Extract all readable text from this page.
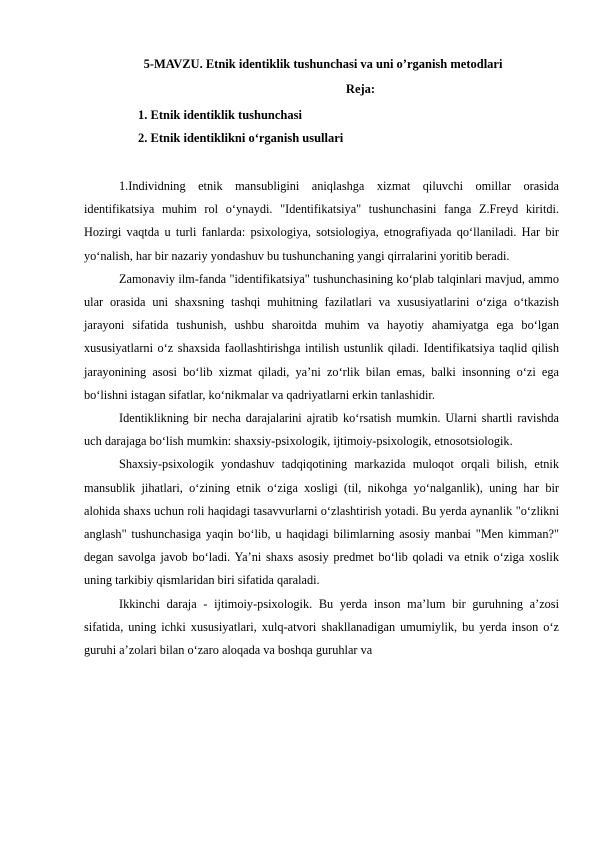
5-MAVZU. Etnik identiklik tushunchasi va uni o’rganish metodlari
Reja:
1. Etnik identiklik tushunchasi
2. Etnik identiklikni o‘rganish usullari

1.Individning etnik mansubligini aniqlashga xizmat qiluvchi omillar orasida identifikatsiya muhim rol o‘ynaydi. "Identifikatsiya" tushunchasini fanga Z.Freyd kiritdi. Hozirgi vaqtda u turli fanlarda: psixologiya, sotsiologiya, etnografiyada qo‘llaniladi. Har bir yo‘nalish, har bir nazariy yondashuv bu tushunchaning yangi qirralarini yoritib beradi.

Zamonaviy ilm-fanda "identifikatsiya" tushunchasining ko‘plab talqinlari mavjud, ammo ular orasida uni shaxsning tashqi muhitning fazilatlari va xususiyatlarini o‘ziga o‘tkazish jarayoni sifatida tushunish, ushbu sharoitda muhim va hayotiy ahamiyatga ega bo‘lgan xususiyatlarni o‘z shaxsida faollashtirishga intilish ustunlik qiladi. Identifikatsiya taqlid qilish jarayonining asosi bo‘lib xizmat qiladi, ya’ni zo‘rlik bilan emas, balki insonning o‘zi ega bo‘lishni istagan sifatlar, ko‘nikmalar va qadriyatlarni erkin tanlashidir.

Identiklikning bir necha darajalarini ajratib ko‘rsatish mumkin. Ularni shartli ravishda uch darajaga bo‘lish mumkin: shaxsiy-psixologik, ijtimoiy-psixologik, etnosotsiologik.

Shaxsiy-psixologik yondashuv tadqiqotining markazida muloqot orqali bilish, etnik mansublik jihatlari, o‘zining etnik o‘ziga xosligi (til, nikohga yo‘nalganlik), uning har bir alohida shaxs uchun roli haqidagi tasavvurlarni o‘zlashtirish yotadi. Bu yerda aynanlik "o‘zlikni anglash" tushunchasiga yaqin bo‘lib, u haqidagi bilimlarning asosiy manbai "Men kimman?" degan savolga javob bo‘ladi. Ya’ni shaxs asosiy predmet bo‘lib qoladi va etnik o‘ziga xoslik uning tarkibiy qismlaridan biri sifatida qaraladi.

Ikkinchi daraja - ijtimoiy-psixologik. Bu yerda inson ma’lum bir guruhning a’zosi sifatida, uning ichki xususiyatlari, xulq-atvori shakllanadigan umumiylik, bu yerda inson o‘z guruhi a’zolari bilan o‘zaro aloqada va boshqa guruhlar va
